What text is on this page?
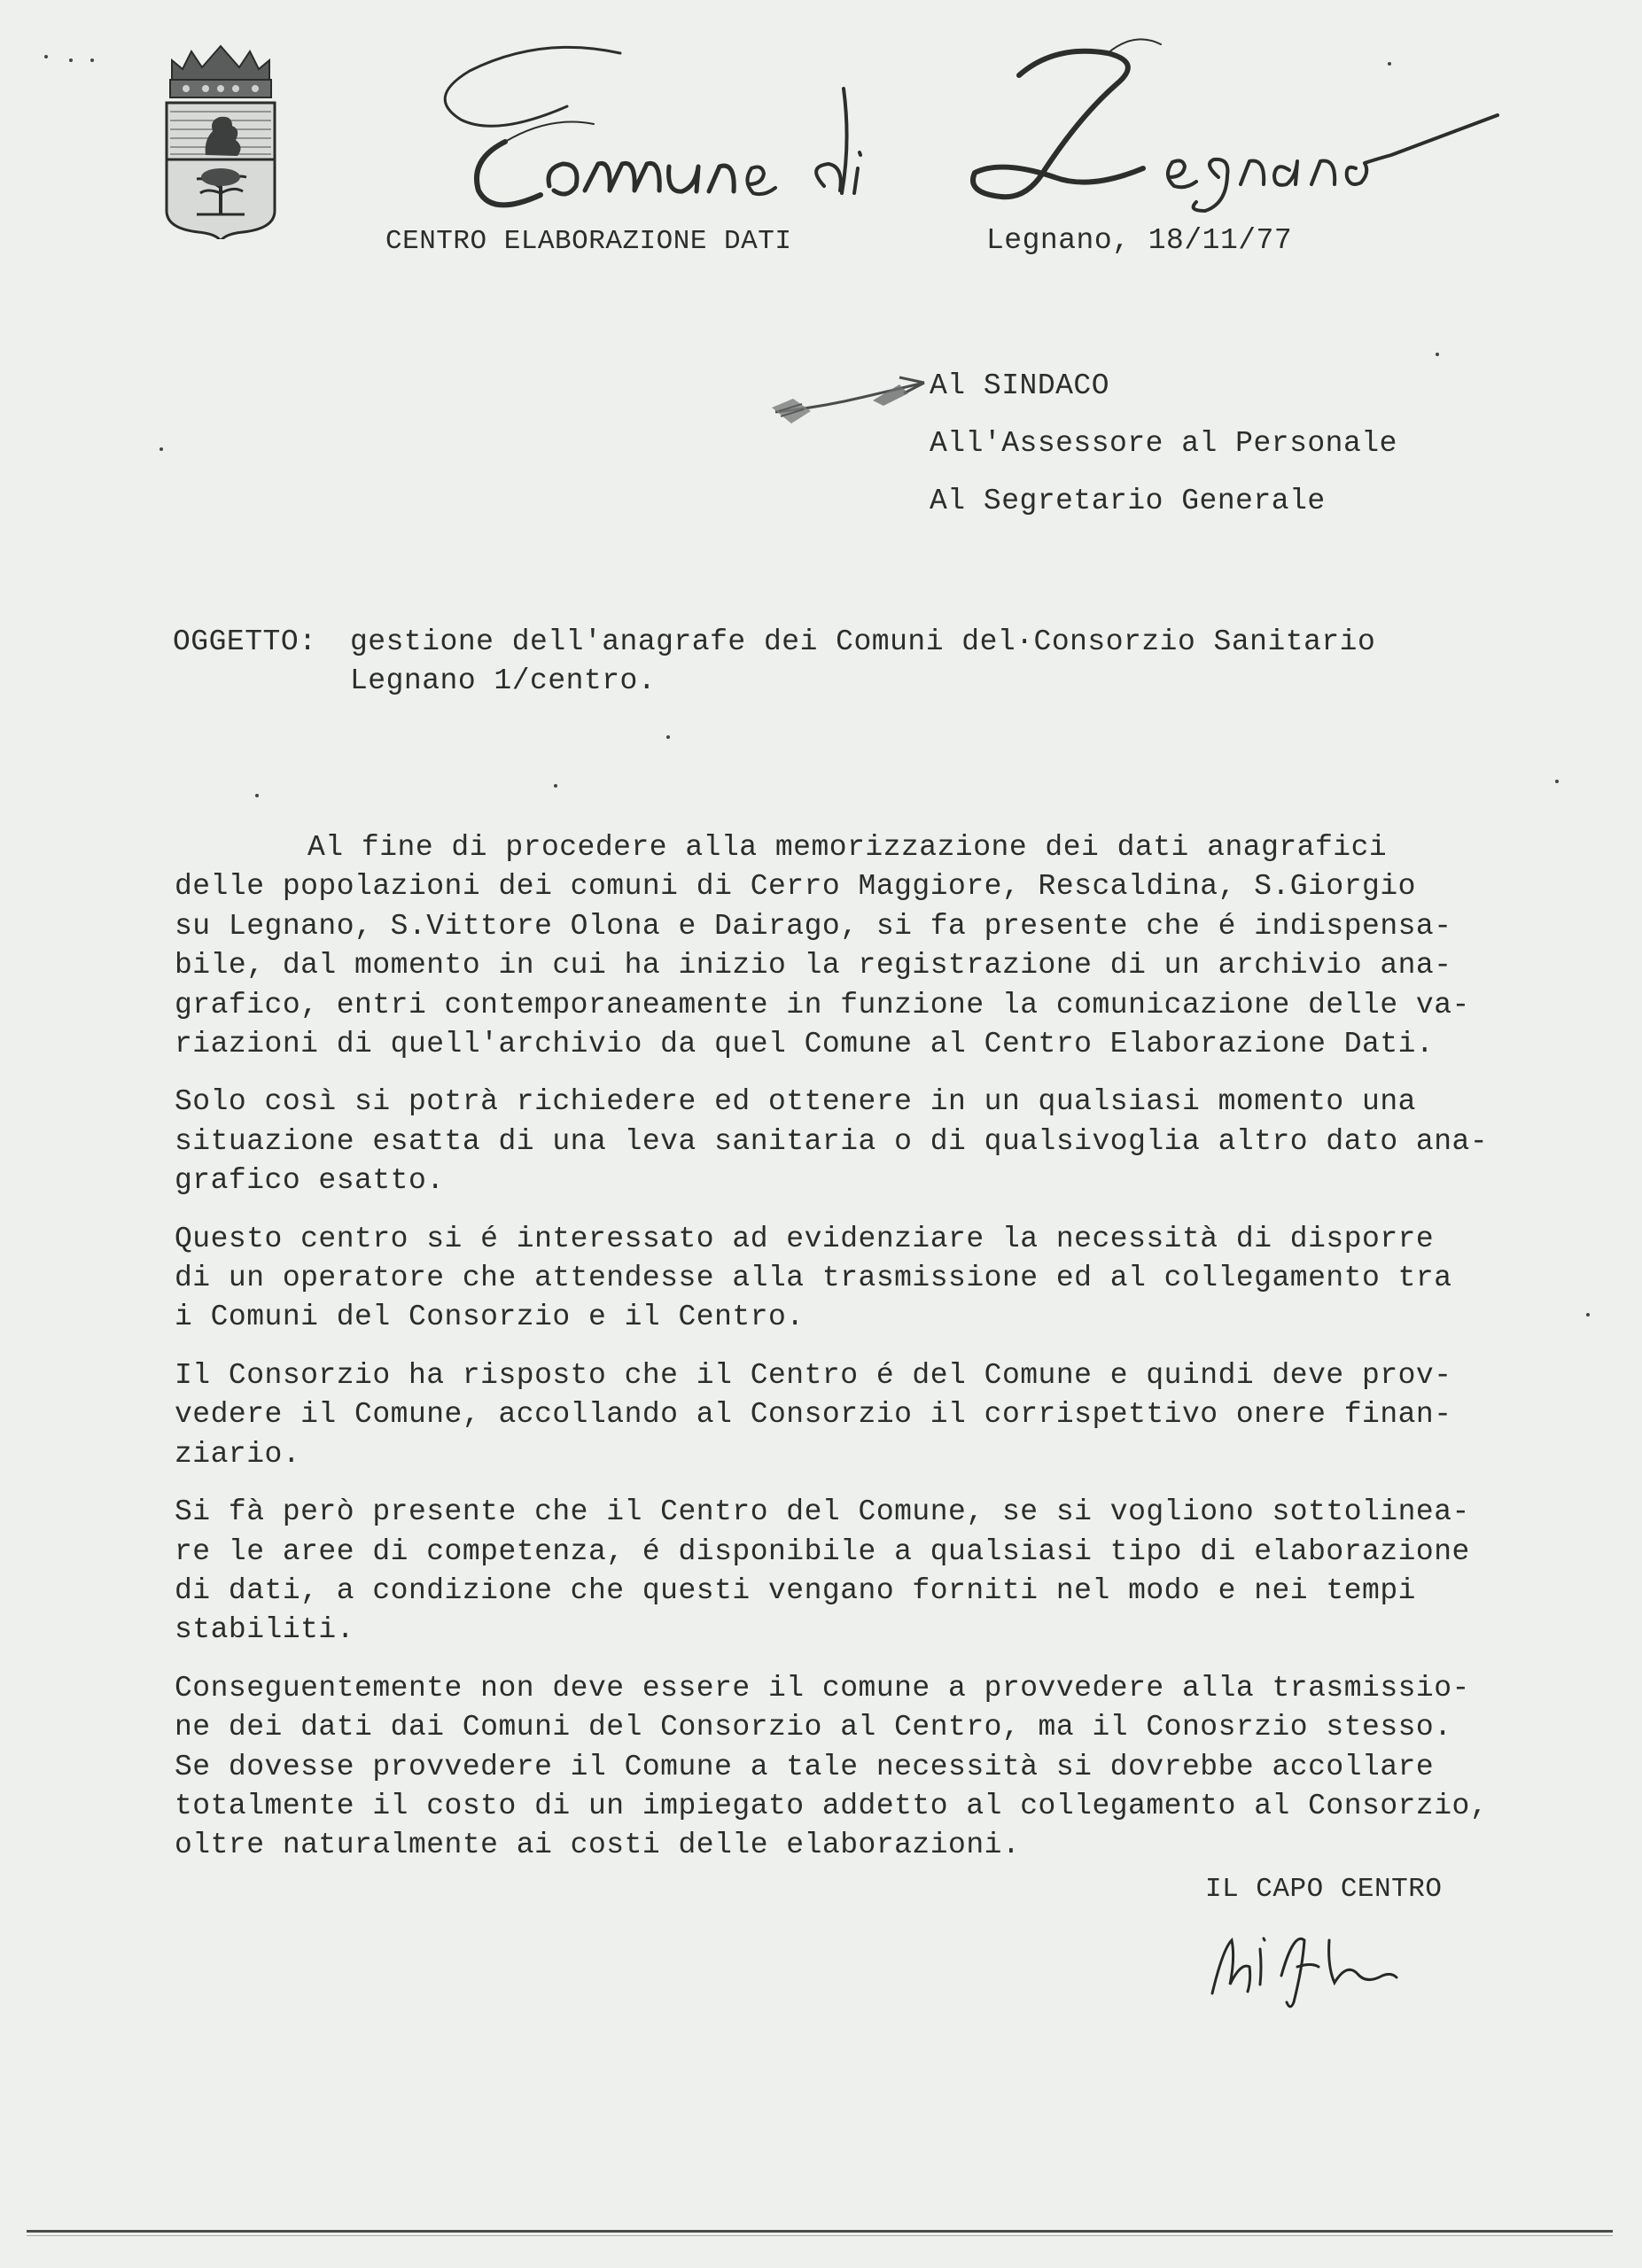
CENTRO ELABORAZIONE DATI	Legnano, 18/11/77
Al SINDACO
All'Assessore al Personale
Al Segretario Generale
OGGETTO: gestione dell'anagrafe dei Comuni del·Consorzio Sanitario
Legnano 1/centro.

Al fine di procedere alla memorizzazione dei dati anagrafici
delle popolazioni dei comuni di Cerro Maggiore, Rescaldina, S.Giorgio
su Legnano, S.Vittore Olona e Dairago, si fa presente che é indispensa-
bile, dal momento in cui ha inizio la registrazione di un archivio ana-
grafico, entri contemporaneamente in funzione la comunicazione delle va-
riazioni di quell'archivio da quel Comune al Centro Elaborazione Dati.

Solo così si potrà richiedere ed ottenere in un qualsiasi momento una
situazione esatta di una leva sanitaria o di qualsivoglia altro dato ana-
grafico esatto.

Questo centro si é interessato ad evidenziare la necessità di disporre
di un operatore che attendesse alla trasmissione ed al collegamento tra
i Comuni del Consorzio e il Centro.

Il Consorzio ha risposto che il Centro é del Comune e quindi deve prov-
vedere il Comune, accollando al Consorzio il corrispettivo onere finan-
ziario.

Si fà però presente che il Centro del Comune, se si vogliono sottolinea-
re le aree di competenza, é disponibile a qualsiasi tipo di elaborazione
di dati, a condizione che questi vengano forniti nel modo e nei tempi
stabiliti.

Conseguentemente non deve essere il comune a provvedere alla trasmissio-
ne dei dati dai Comuni del Consorzio al Centro, ma il Conosrzio stesso.
Se dovesse provvedere il Comune a tale necessità si dovrebbe accollare
totalmente il costo di un impiegato addetto al collegamento al Consorzio,
oltre naturalmente ai costi delle elaborazioni.

IL CAPO CENTRO
